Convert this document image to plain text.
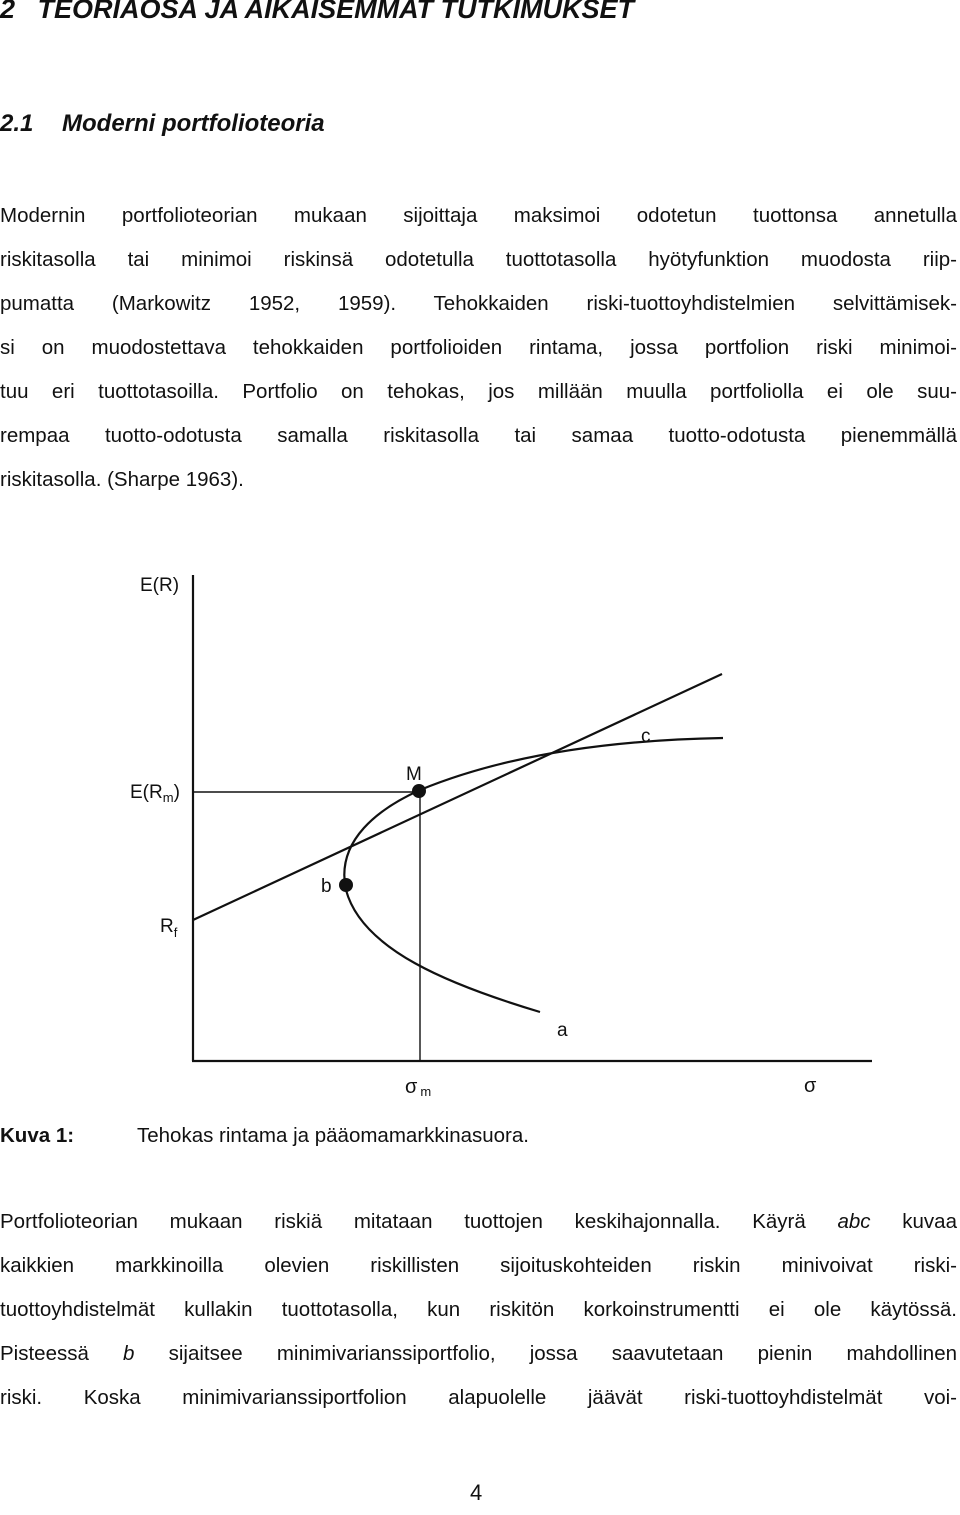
2 TEORIAOSA JA AIKAISEMMAT TUTKIMUKSET
2.1 Moderni portfolioteoria
Modernin portfolioteorian mukaan sijoittaja maksimoi odotetun tuottonsa annetulla
riskitasolla tai minimoi riskinsä odotetulla tuottotasolla hyötyfunktion muodosta riip-
pumatta (Markowitz 1952, 1959). Tehokkaiden riski-tuottoyhdistelmien selvittämisek-
si on muodostettava tehokkaiden portfolioiden rintama, jossa portfolion riski minimoi-
tuu eri tuottotasoilla. Portfolio on tehokas, jos millään muulla portfoliolla ei ole suu-
rempaa tuotto-odotusta samalla riskitasolla tai samaa tuotto-odotusta pienemmällä
riskitasolla. (Sharpe 1963).
E(R)
$E(R_m)$
$R_f$
M
b
a
c
σm	σ
Kuva 1:	Tehokas rintama ja pääomamarkkinasuora.
Portfolioteorian mukaan riskiä mitataan tuottojen keskihajonnalla. Käyrä abc kuvaa
kaikkien markkinoilla olevien riskillisten sijoituskohteiden riskin minivoivat riski-
tuottoyhdistelmät kullakin tuottotasolla, kun riskitön korkoinstrumentti ei ole käytössä.
Pisteessä b sijaitsee minimivarianssiportfolio, jossa saavutetaan pienin mahdollinen
riski. Koska minimivarianssiportfolion alapuolelle jäävät riski-tuottoyhdistelmät voi-
4
